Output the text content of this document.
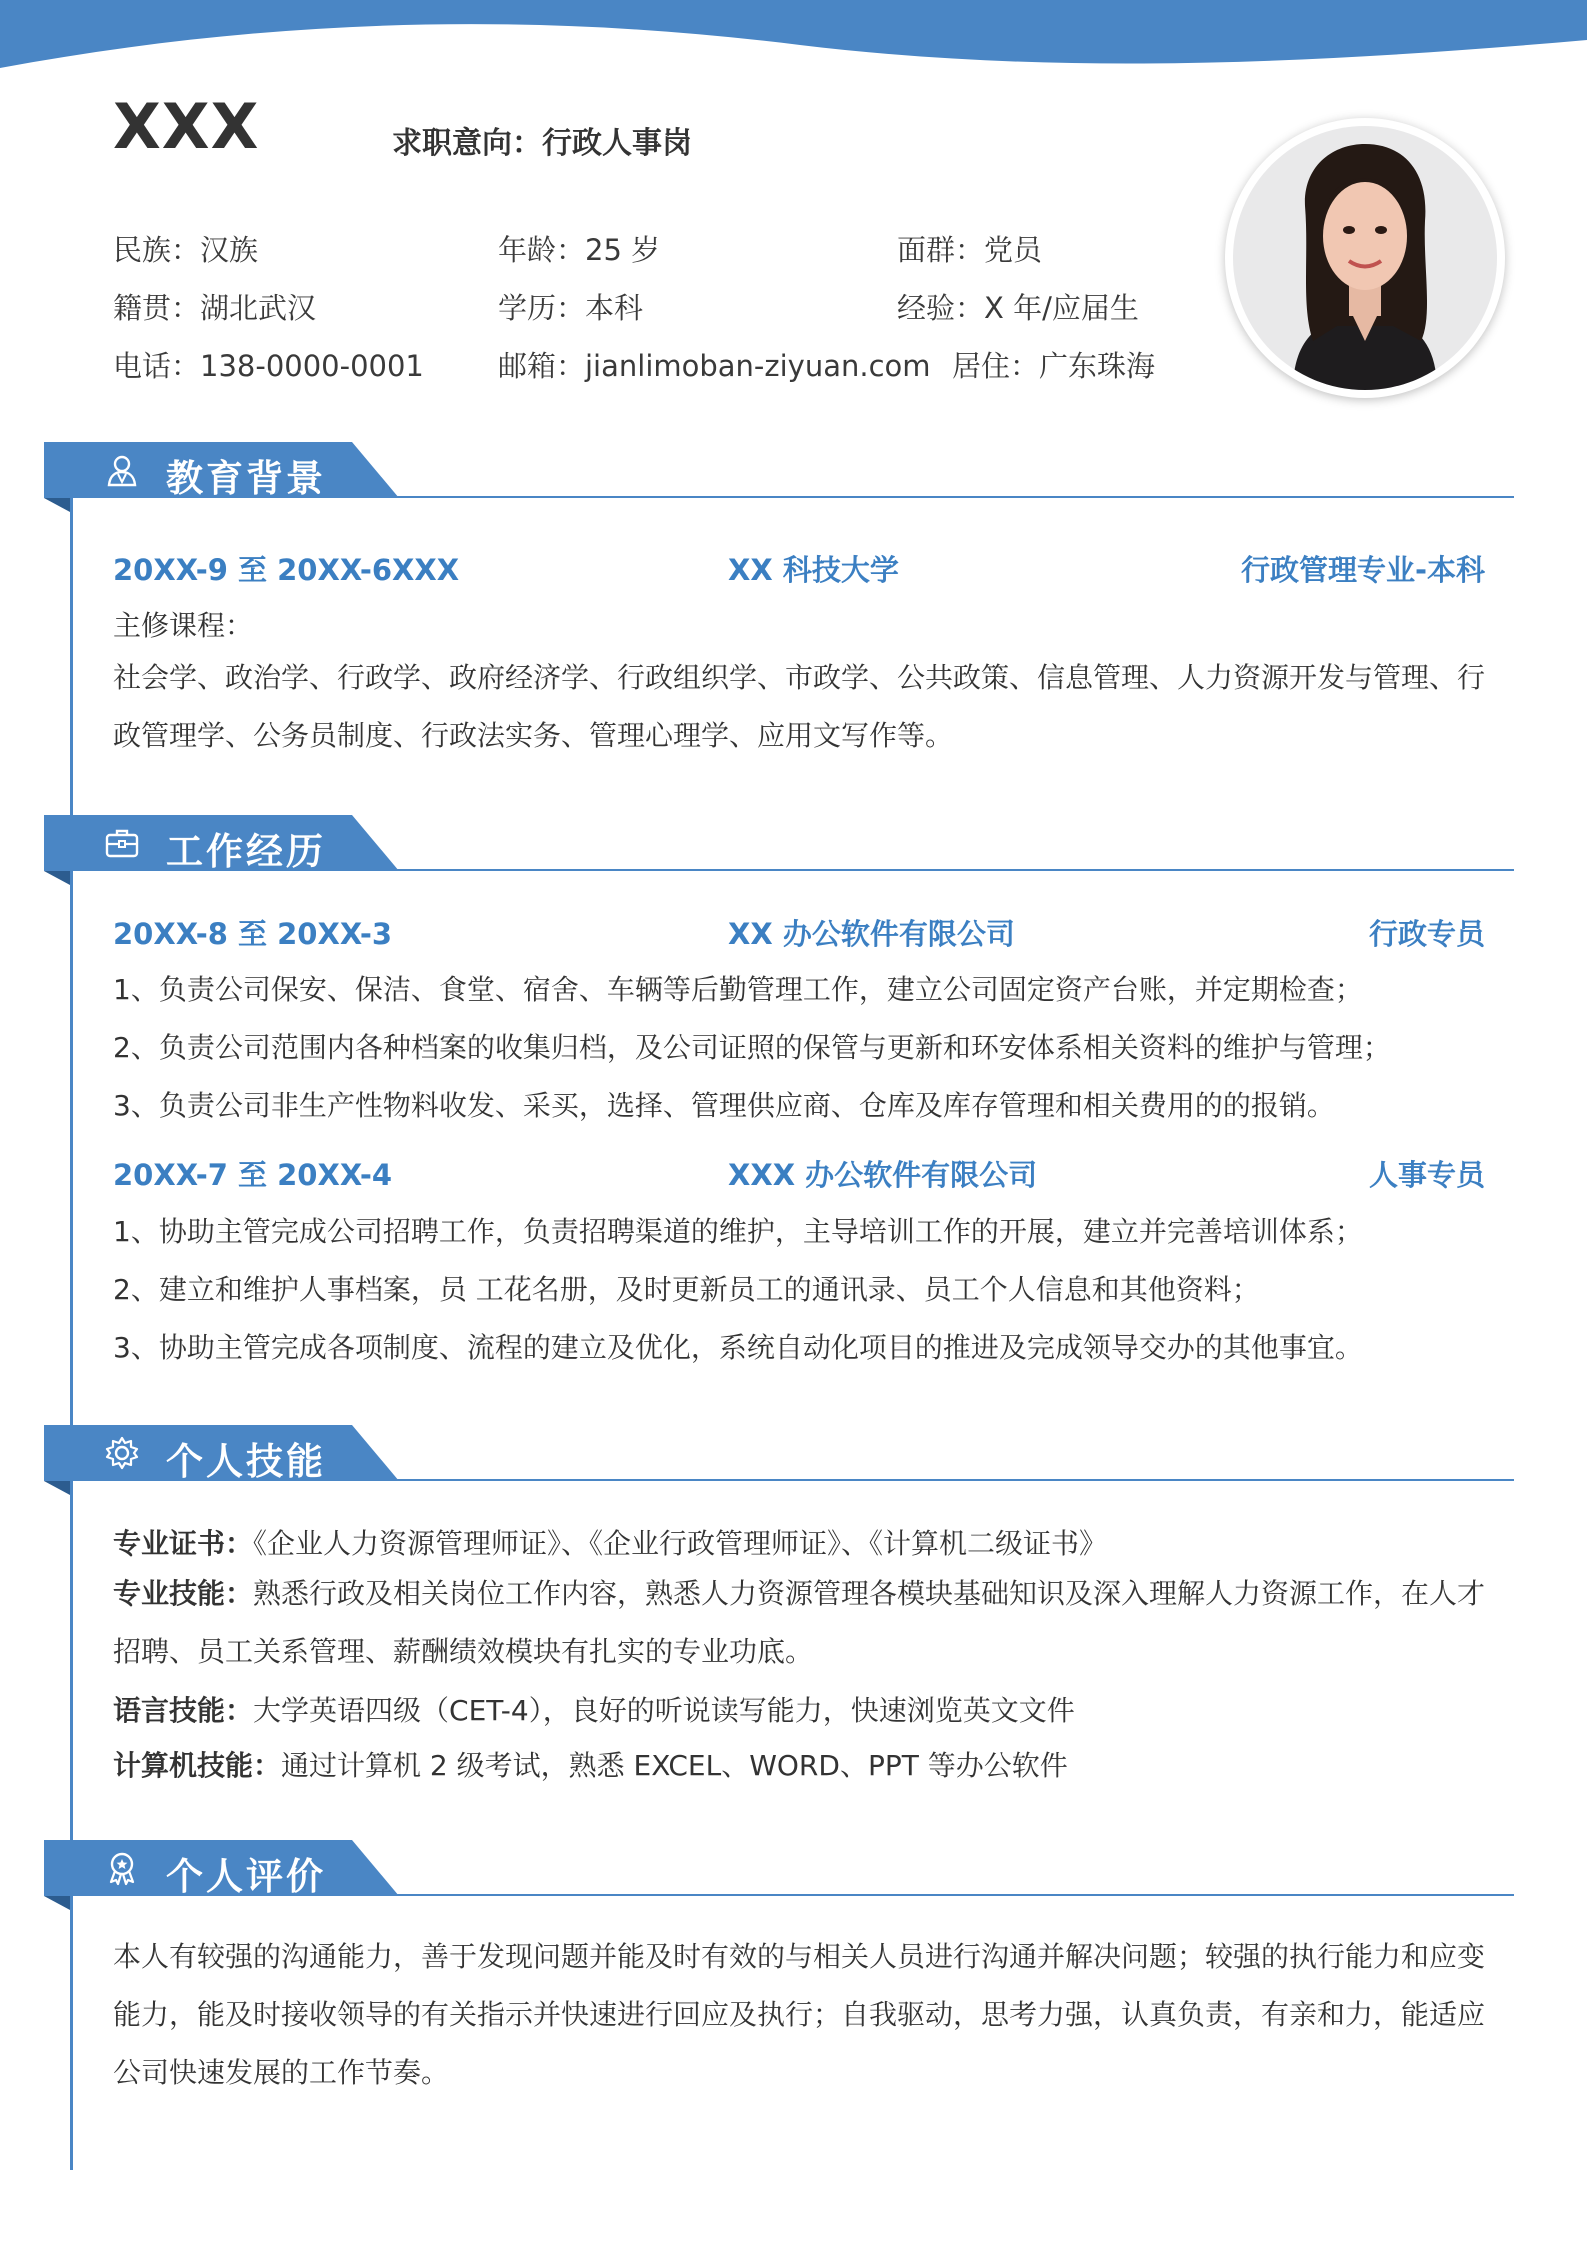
XXX	求职意向：行政人事岗
民族：汉族	年龄：25 岁	面群：党员
籍贯：湖北武汉	学历：本科	经验：X 年/应届生
电话：138-0000-0001	邮箱：jianlimoban-ziyuan.com 居住：广东珠海
教育背景
20XX-9 至 20XX-6XXX	XX 科技大学	行政管理专业-本科
主修课程：
社会学、政治学、行政学、政府经济学、行政组织学、市政学、公共政策、信息管理、人力资源开发与管理、行政管理学、公务员制度、行政法实务、管理心理学、应用文写作等。
工作经历
20XX-8 至 20XX-3	XX 办公软件有限公司	行政专员
1、负责公司保安、保洁、食堂、宿舍、车辆等后勤管理工作，建立公司固定资产台账，并定期检查；
2、负责公司范围内各种档案的收集归档，及公司证照的保管与更新和环安体系相关资料的维护与管理；
3、负责公司非生产性物料收发、采买，选择、管理供应商、仓库及库存管理和相关费用的的报销。
20XX-7 至 20XX-4	XXX 办公软件有限公司	人事专员
1、协助主管完成公司招聘工作，负责招聘渠道的维护，主导培训工作的开展，建立并完善培训体系；
2、建立和维护人事档案，员 工花名册，及时更新员工的通讯录、员工个人信息和其他资料；
3、协助主管完成各项制度、流程的建立及优化，系统自动化项目的推进及完成领导交办的其他事宜。
个人技能
专业证书：《企业人力资源管理师证》、《企业行政管理师证》、《计算机二级证书》
专业技能：熟悉行政及相关岗位工作内容，熟悉人力资源管理各模块基础知识及深入理解人力资源工作，在人才招聘、员工关系管理、薪酬绩效模块有扎实的专业功底。
语言技能：大学英语四级（CET-4），良好的听说读写能力，快速浏览英文文件
计算机技能：通过计算机 2 级考试，熟悉 EXCEL、WORD、PPT 等办公软件
个人评价
本人有较强的沟通能力，善于发现问题并能及时有效的与相关人员进行沟通并解决问题；较强的执行能力和应变能力，能及时接收领导的有关指示并快速进行回应及执行；自我驱动，思考力强，认真负责，有亲和力，能适应公司快速发展的工作节奏。
